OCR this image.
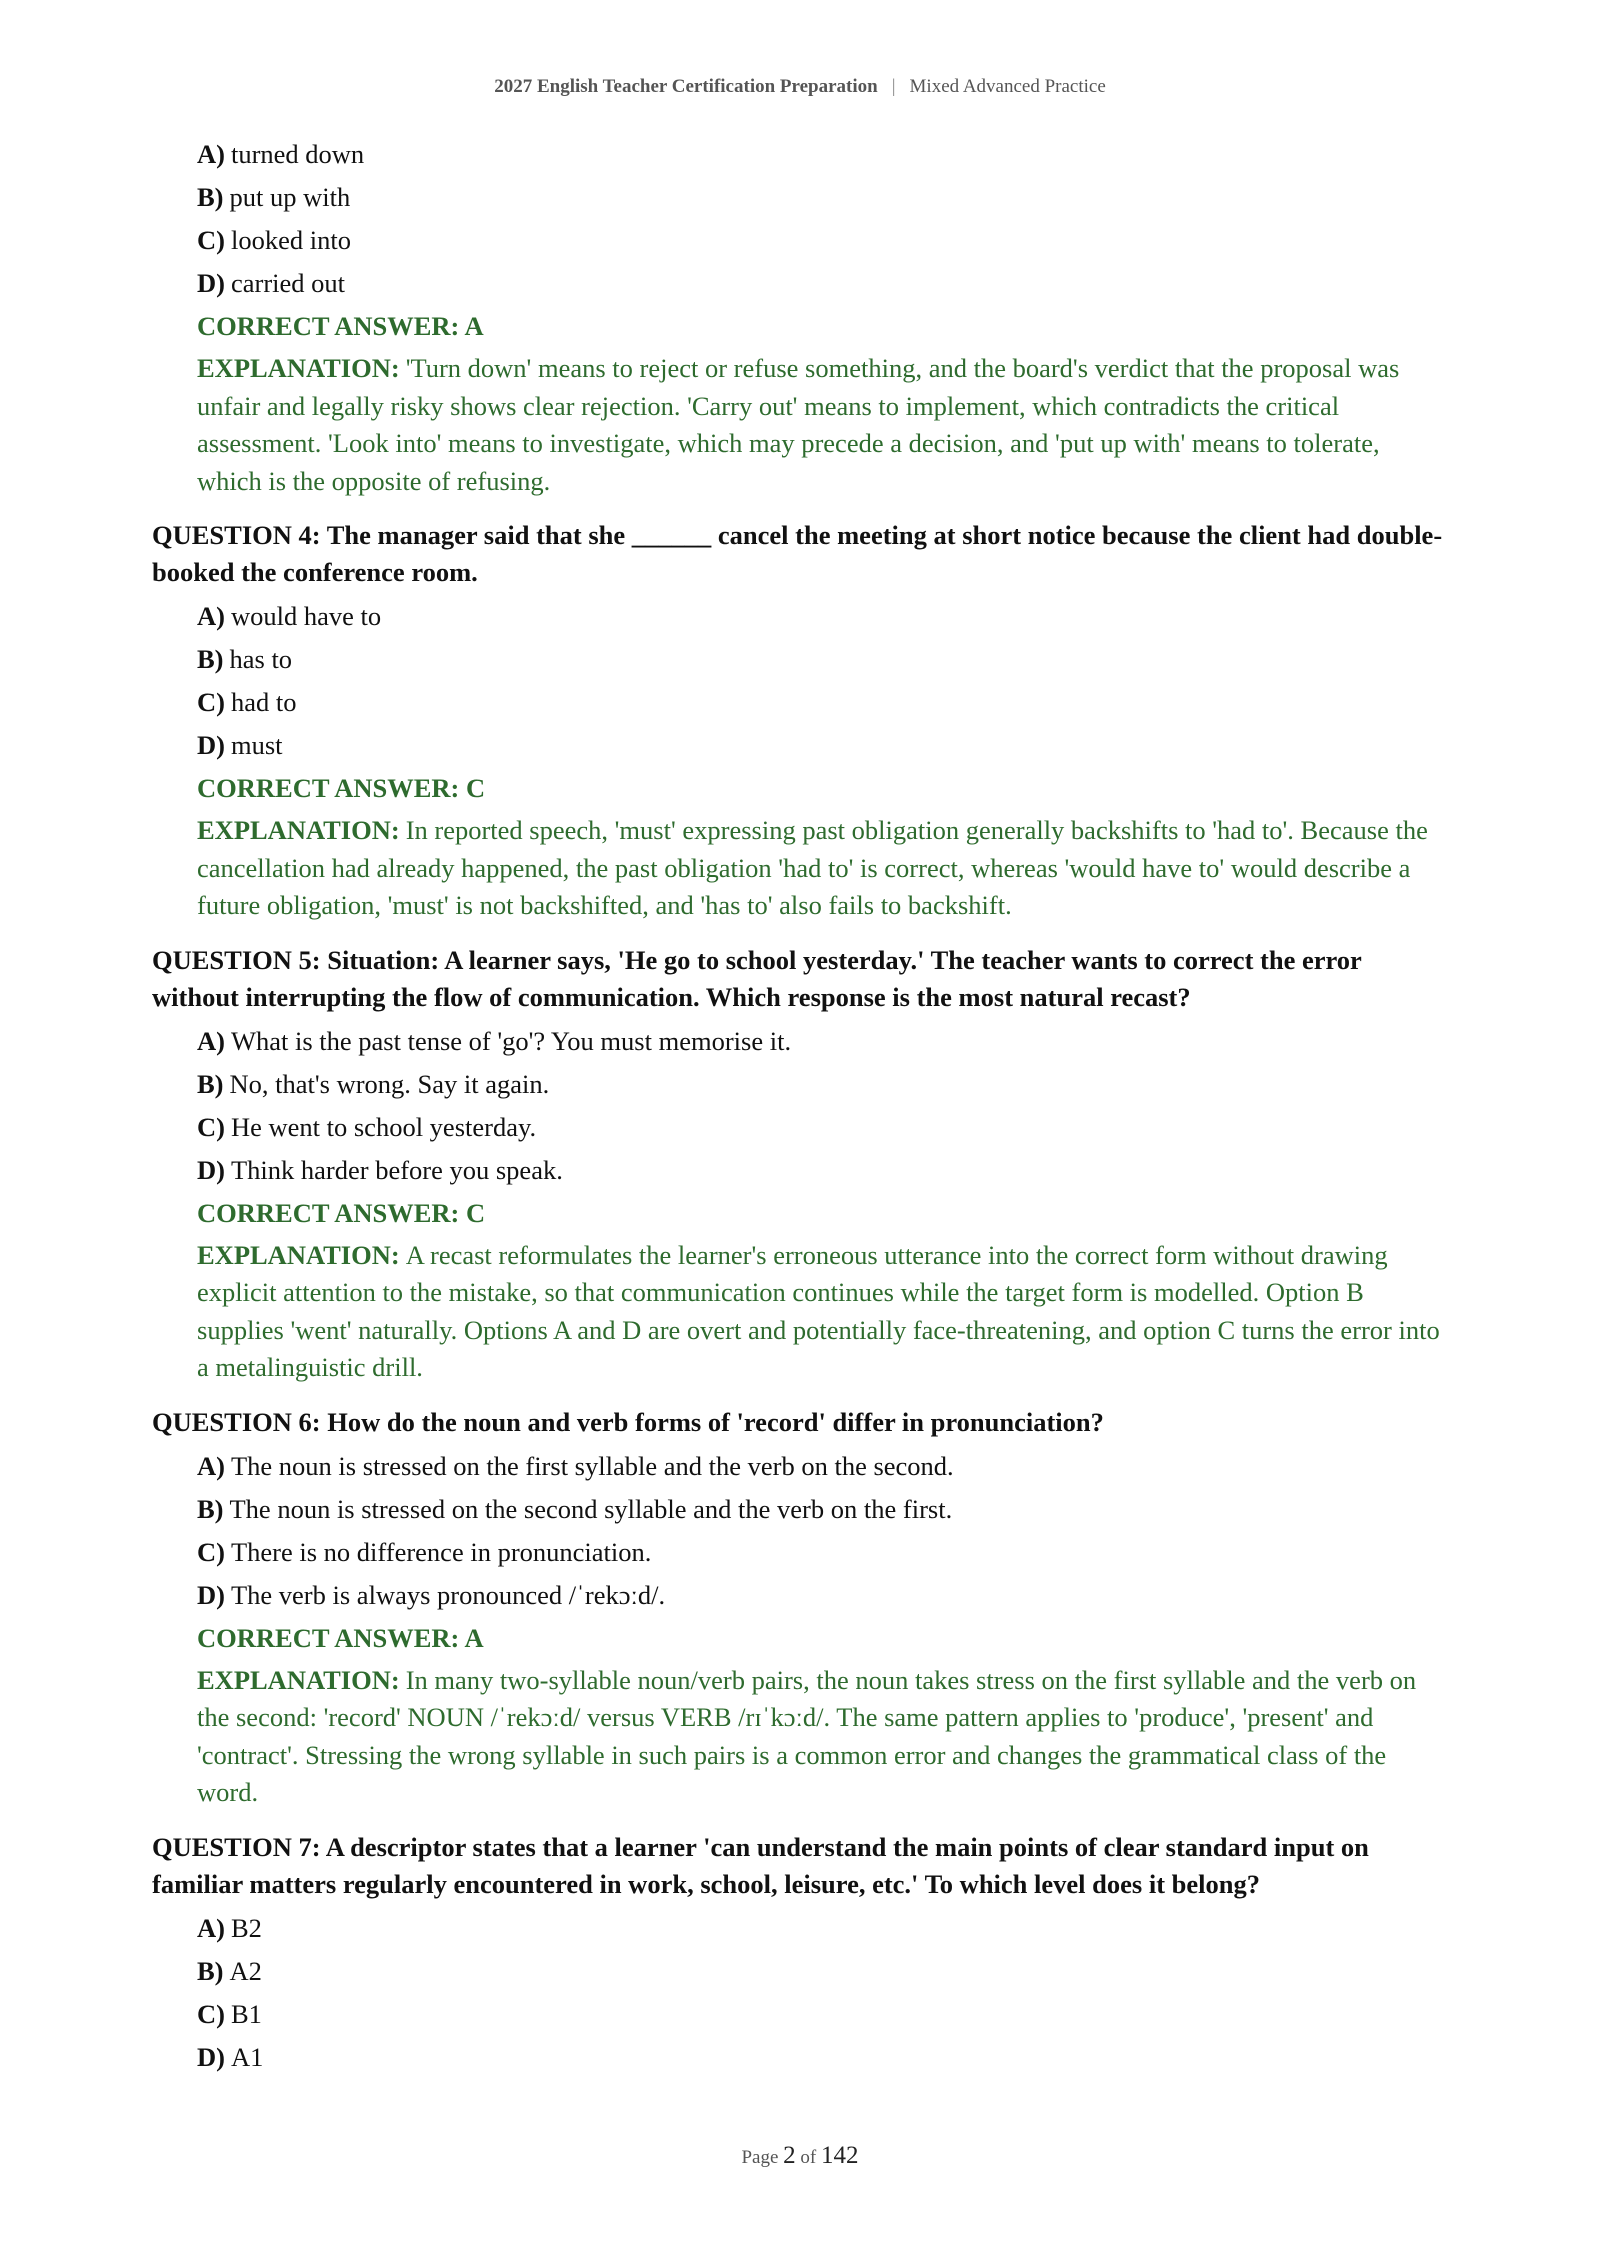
2027 English Teacher Certification Preparation | Mixed Advanced Practice
A) turned down
B) put up with
C) looked into
D) carried out
CORRECT ANSWER: A
EXPLANATION: 'Turn down' means to reject or refuse something, and the board's verdict that the proposal was unfair and legally risky shows clear rejection. 'Carry out' means to implement, which contradicts the critical assessment. 'Look into' means to investigate, which may precede a decision, and 'put up with' means to tolerate, which is the opposite of refusing.
QUESTION 4: The manager said that she ______ cancel the meeting at short notice because the client had double-booked the conference room.
A) would have to
B) has to
C) had to
D) must
CORRECT ANSWER: C
EXPLANATION: In reported speech, 'must' expressing past obligation generally backshifts to 'had to'. Because the cancellation had already happened, the past obligation 'had to' is correct, whereas 'would have to' would describe a future obligation, 'must' is not backshifted, and 'has to' also fails to backshift.
QUESTION 5: Situation: A learner says, 'He go to school yesterday.' The teacher wants to correct the error without interrupting the flow of communication. Which response is the most natural recast?
A) What is the past tense of 'go'? You must memorise it.
B) No, that's wrong. Say it again.
C) He went to school yesterday.
D) Think harder before you speak.
CORRECT ANSWER: C
EXPLANATION: A recast reformulates the learner's erroneous utterance into the correct form without drawing explicit attention to the mistake, so that communication continues while the target form is modelled. Option B supplies 'went' naturally. Options A and D are overt and potentially face-threatening, and option C turns the error into a metalinguistic drill.
QUESTION 6: How do the noun and verb forms of 'record' differ in pronunciation?
A) The noun is stressed on the first syllable and the verb on the second.
B) The noun is stressed on the second syllable and the verb on the first.
C) There is no difference in pronunciation.
D) The verb is always pronounced /ˈrekɔːd/.
CORRECT ANSWER: A
EXPLANATION: In many two-syllable noun/verb pairs, the noun takes stress on the first syllable and the verb on the second: 'record' NOUN /ˈrekɔːd/ versus VERB /rɪˈkɔːd/. The same pattern applies to 'produce', 'present' and 'contract'. Stressing the wrong syllable in such pairs is a common error and changes the grammatical class of the word.
QUESTION 7: A descriptor states that a learner 'can understand the main points of clear standard input on familiar matters regularly encountered in work, school, leisure, etc.' To which level does it belong?
A) B2
B) A2
C) B1
D) A1
Page 2 of 142
